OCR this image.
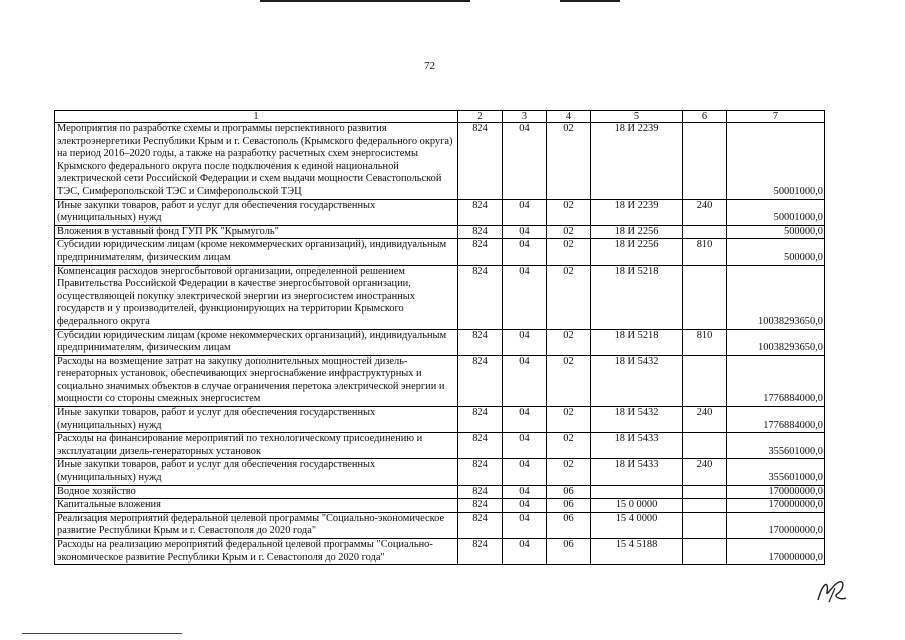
72
1	2	3	4	5	6	7
Мероприятия по разработке схемы и программы перспективного развития электроэнергетики Республики Крым и г. Севастополь (Крымского федерального округа) на период 2016–2020 годы, а также на разработку расчетных схем энергосистемы Крымского федерального округа после подключения к единой национальной электрической сети Российской Федерации и схем выдачи мощности Севастопольской ТЭС, Симферопольской ТЭС и Симферопольской ТЭЦ	824	04	02	18 И 2239		50001000,0
Иные закупки товаров, работ и услуг для обеспечения государственных (муниципальных) нужд	824	04	02	18 И 2239	240	50001000,0
Вложения в уставный фонд ГУП РК "Крымуголь"	824	04	02	18 И 2256		500000,0
Субсидии юридическим лицам (кроме некоммерческих организаций), индивидуальным предпринимателям, физическим лицам	824	04	02	18 И 2256	810	500000,0
Компенсация расходов энергосбытовой организации, определенной решением Правительства Российской Федерации в качестве энергосбытовой организации, осуществляющей покупку электрической энергии из энергосистем иностранных государств и у производителей, функционирующих на территории Крымского федерального округа	824	04	02	18 И 5218		10038293650,0
Субсидии юридическим лицам (кроме некоммерческих организаций), индивидуальным предпринимателям, физическим лицам	824	04	02	18 И 5218	810	10038293650,0
Расходы на возмещение затрат на закупку дополнительных мощностей дизель-генераторных установок, обеспечивающих энергоснабжение инфраструктурных и социально значимых объектов в случае ограничения перетока электрической энергии и мощности со стороны смежных энергосистем	824	04	02	18 И 5432		1776884000,0
Иные закупки товаров, работ и услуг для обеспечения государственных (муниципальных) нужд	824	04	02	18 И 5432	240	1776884000,0
Расходы на финансирование мероприятий по технологическому присоединению и эксплуатации дизель-генераторных установок	824	04	02	18 И 5433		355601000,0
Иные закупки товаров, работ и услуг для обеспечения государственных (муниципальных) нужд	824	04	02	18 И 5433	240	355601000,0
Водное хозяйство	824	04	06			170000000,0
Капитальные вложения	824	04	06	15 0 0000		170000000,0
Реализация мероприятий федеральной целевой программы "Социально-экономическое развитие Республики Крым и г. Севастополя до 2020 года"	824	04	06	15 4 0000		170000000,0
Расходы на реализацию мероприятий федеральной целевой программы "Социально-экономическое развитие Республики Крым и г. Севастополя до 2020 года"	824	04	06	15 4 5188		170000000,0
